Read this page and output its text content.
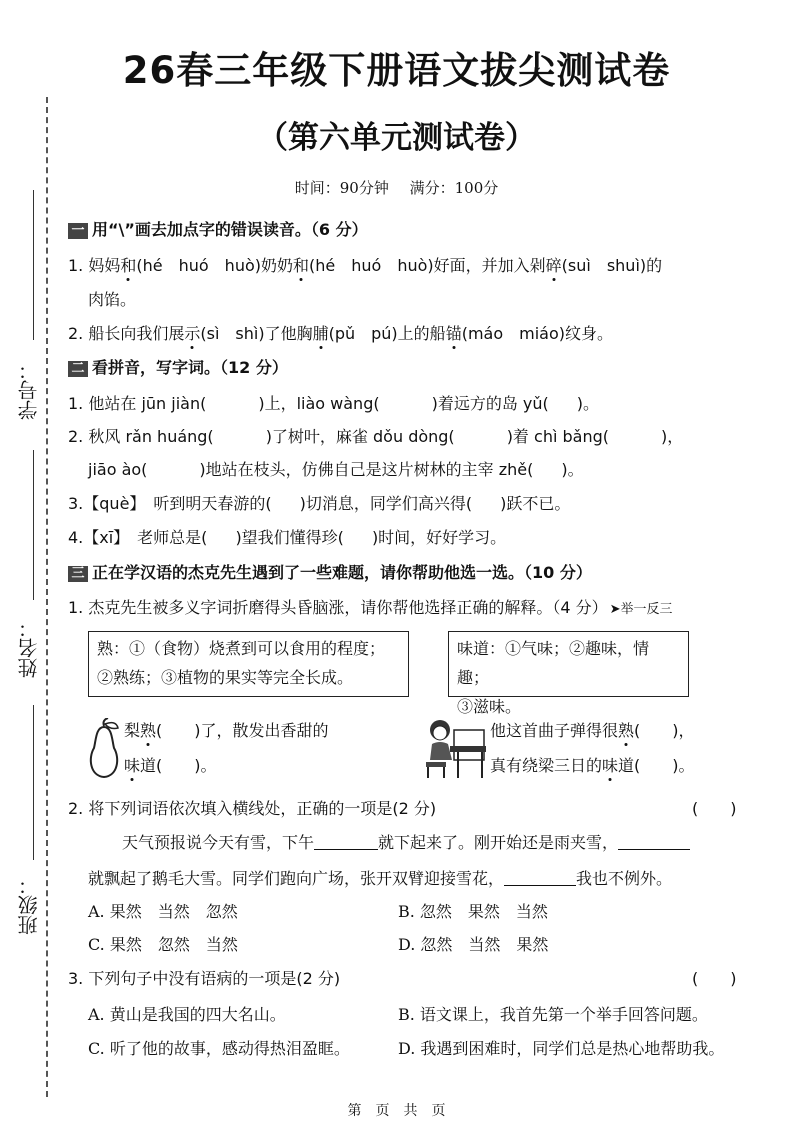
26春三年级下册语文拔尖测试卷
（第六单元测试卷）
时间：90分钟 满分：100分
学号：
姓名：
班级：
一 用“\”画去加点字的错误读音。（6 分）
1. 妈妈和(hé　huó　huò)奶奶和(hé　huó　huò)好面，并加入剁碎(suì　shuì)的
肉馅。
2. 船长向我们展示(sì　shì)了他胸脯(pǔ　pú)上的船锚(máo　miáo)纹身。
二 看拼音，写字词。（12 分）
1. 他站在 jūn jiàn(	)上，liào wàng(	)着远方的岛 yǔ( )。
2. 秋风 rǎn huáng(	)了树叶，麻雀 dǒu dòng(	)着 chì bǎng(	)，
jiāo ào(	)地站在枝头，仿佛自己是这片树林的主宰 zhě( )。
3.【què】　听到明天春游的( )切消息，同学们高兴得( )跃不已。
4.【xī】　老师总是( )望我们懂得珍( )时间，好好学习。
三 正在学汉语的杰克先生遇到了一些难题，请你帮助他选一选。（10 分）
1. 杰克先生被多义字词折磨得头昏脑涨，请你帮他选择正确的解释。（4 分） ➤举一反三
熟：①（食物）烧煮到可以食用的程度；
②熟练；③植物的果实等完全长成。
味道：①气味；②趣味，情趣；
③滋味。
梨熟(　　)了，散发出香甜的
味道(　　)。
他这首曲子弹得很熟(　　)，
真有绕梁三日的味道(　　)。
2. 将下列词语依次填入横线处，正确的一项是(2 分)	(　　)
天气预报说今天有雪，下午	就下起来了。刚开始还是雨夹雪，
就飘起了鹅毛大雪。同学们跑向广场，张开双臂迎接雪花，	我也不例外。
A. 果然　当然　忽然	B. 忽然　果然　当然
C. 果然　忽然　当然	D. 忽然　当然　果然
3. 下列句子中没有语病的一项是(2 分)	(　　)
A. 黄山是我国的四大名山。	B. 语文课上，我首先第一个举手回答问题。
C. 听了他的故事，感动得热泪盈眶。	D. 我遇到困难时，同学们总是热心地帮助我。
第　页　共　页
